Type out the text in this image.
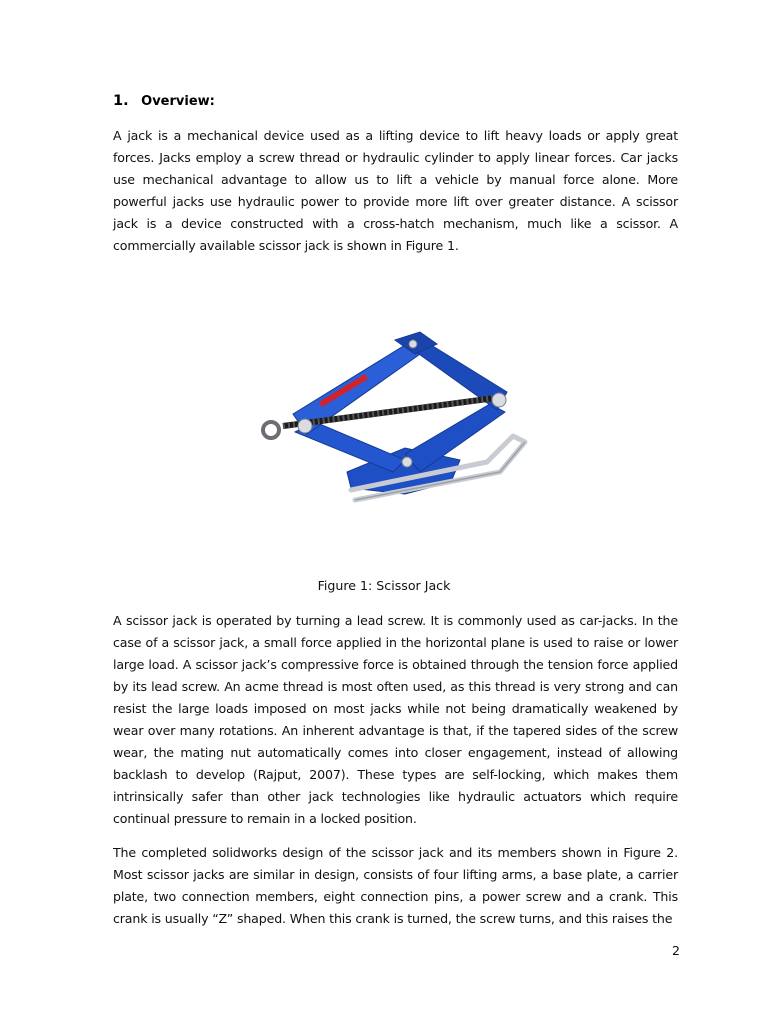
1. Overview:

A jack is a mechanical device used as a lifting device to lift heavy loads or apply great forces. Jacks employ a screw thread or hydraulic cylinder to apply linear forces. Car jacks use mechanical advantage to allow us to lift a vehicle by manual force alone. More powerful jacks use hydraulic power to provide more lift over greater distance. A scissor jack is a device constructed with a cross-hatch mechanism, much like a scissor. A commercially available scissor jack is shown in Figure 1.

Figure 1: Scissor Jack

A scissor jack is operated by turning a lead screw. It is commonly used as car-jacks. In the case of a scissor jack, a small force applied in the horizontal plane is used to raise or lower large load. A scissor jack’s compressive force is obtained through the tension force applied by its lead screw. An acme thread is most often used, as this thread is very strong and can resist the large loads imposed on most jacks while not being dramatically weakened by wear over many rotations. An inherent advantage is that, if the tapered sides of the screw wear, the mating nut automatically comes into closer engagement, instead of allowing backlash to develop (Rajput, 2007). These types are self-locking, which makes them intrinsically safer than other jack technologies like hydraulic actuators which require continual pressure to remain in a locked position.

The completed solidworks design of the scissor jack and its members shown in Figure 2. Most scissor jacks are similar in design, consists of four lifting arms, a base plate, a carrier plate, two connection members, eight connection pins, a power screw and a crank. This crank is usually “Z” shaped. When this crank is turned, the screw turns, and this raises the

2
